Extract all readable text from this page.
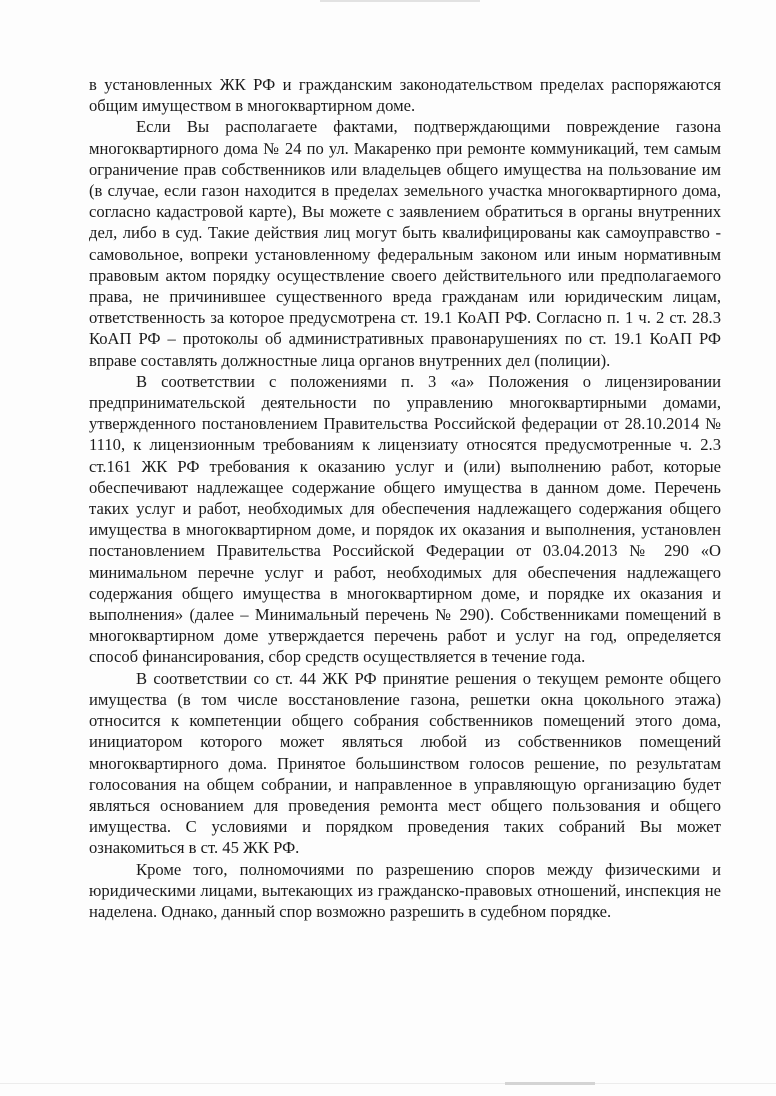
в установленных ЖК РФ и гражданским законодательством пределах распоряжаются общим имуществом в многоквартирном доме.

Если Вы располагаете фактами, подтверждающими повреждение газона многоквартирного дома № 24 по ул. Макаренко при ремонте коммуникаций, тем самым ограничение прав собственников или владельцев общего имущества на пользование им (в случае, если газон находится в пределах земельного участка многоквартирного дома, согласно кадастровой карте), Вы можете с заявлением обратиться в органы внутренних дел, либо в суд. Такие действия лиц могут быть квалифицированы как самоуправство - самовольное, вопреки установленному федеральным законом или иным нормативным правовым актом порядку осуществление своего действительного или предполагаемого права, не причинившее существенного вреда гражданам или юридическим лицам, ответственность за которое предусмотрена ст. 19.1 КоАП РФ. Согласно п. 1 ч. 2 ст. 28.3 КоАП РФ – протоколы об административных правонарушениях по ст. 19.1 КоАП РФ вправе составлять должностные лица органов внутренних дел (полиции).

В соответствии с положениями п. 3 «а» Положения о лицензировании предпринимательской деятельности по управлению многоквартирными домами, утвержденного постановлением Правительства Российской федерации от 28.10.2014 № 1110, к лицензионным требованиям к лицензиату относятся предусмотренные ч. 2.3 ст.161 ЖК РФ требования к оказанию услуг и (или) выполнению работ, которые обеспечивают надлежащее содержание общего имущества в данном доме. Перечень таких услуг и работ, необходимых для обеспечения надлежащего содержания общего имущества в многоквартирном доме, и порядок их оказания и выполнения, установлен постановлением Правительства Российской Федерации от 03.04.2013 № 290 «О минимальном перечне услуг и работ, необходимых для обеспечения надлежащего содержания общего имущества в многоквартирном доме, и порядке их оказания и выполнения» (далее – Минимальный перечень № 290). Собственниками помещений в многоквартирном доме утверждается перечень работ и услуг на год, определяется способ финансирования, сбор средств осуществляется в течение года.

В соответствии со ст. 44 ЖК РФ принятие решения о текущем ремонте общего имущества (в том числе восстановление газона, решетки окна цокольного этажа) относится к компетенции общего собрания собственников помещений этого дома, инициатором которого может являться любой из собственников помещений многоквартирного дома. Принятое большинством голосов решение, по результатам голосования на общем собрании, и направленное в управляющую организацию будет являться основанием для проведения ремонта мест общего пользования и общего имущества. С условиями и порядком проведения таких собраний Вы может ознакомиться в ст. 45 ЖК РФ.

Кроме того, полномочиями по разрешению споров между физическими и юридическими лицами, вытекающих из гражданско-правовых отношений, инспекция не наделена. Однако, данный спор возможно разрешить в судебном порядке.
